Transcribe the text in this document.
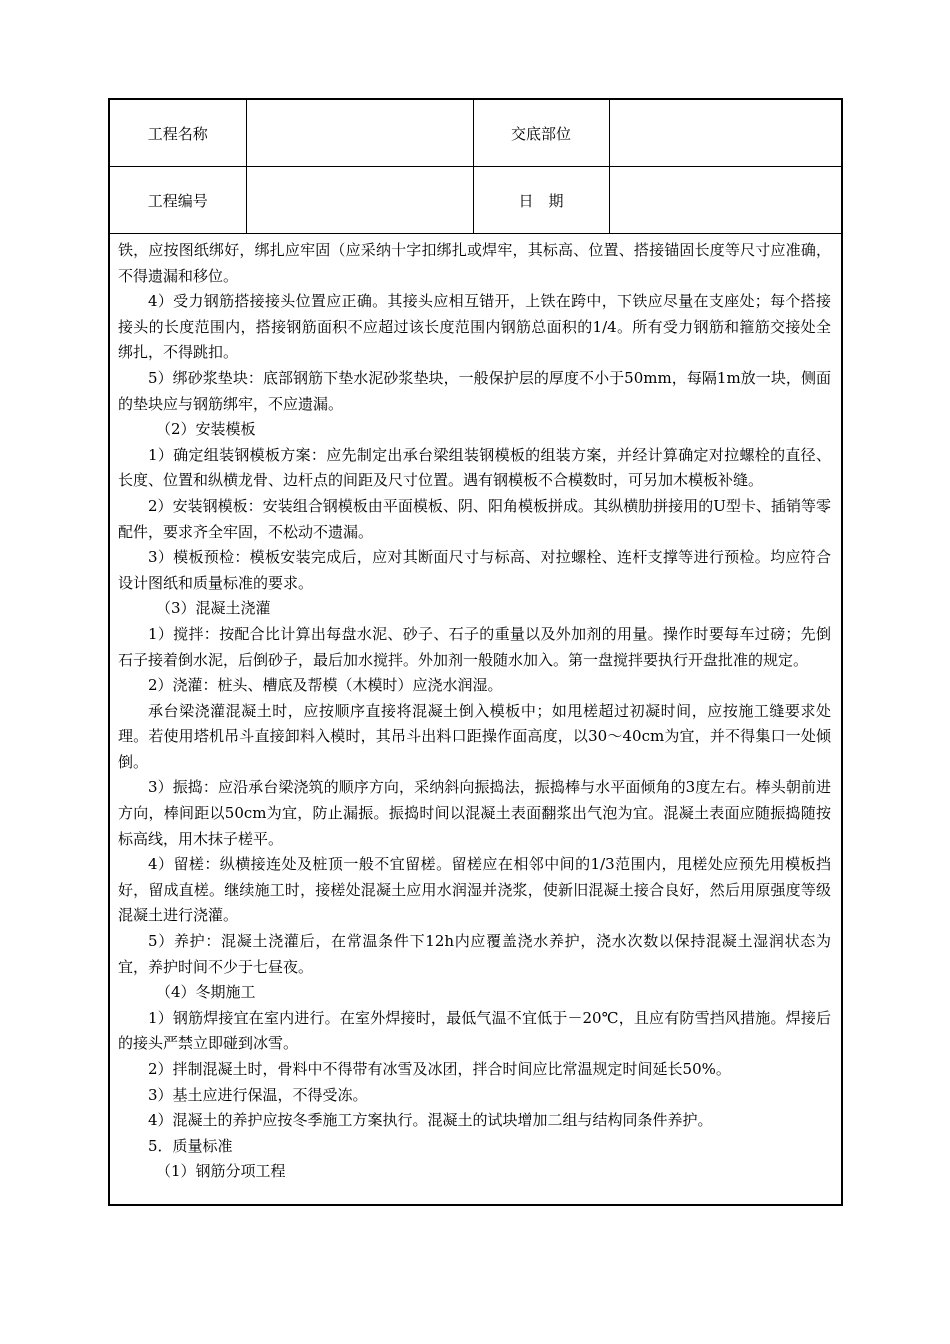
工程名称		交底部位	
工程编号		日　期	

铁，应按图纸绑好，绑扎应牢固（应采纳十字扣绑扎或焊牢，其标高、位置、搭接锚固长度等尺寸应准确，不得遗漏和移位。

4）受力钢筋搭接接头位置应正确。其接头应相互错开，上铁在跨中，下铁应尽量在支座处；每个搭接接头的长度范围内，搭接钢筋面积不应超过该长度范围内钢筋总面积的1/4。所有受力钢筋和箍筋交接处全绑扎，不得跳扣。

5）绑砂浆垫块：底部钢筋下垫水泥砂浆垫块，一般保护层的厚度不小于50mm，每隔1m放一块，侧面的垫块应与钢筋绑牢，不应遗漏。

（2）安装模板

1）确定组装钢模板方案：应先制定出承台梁组装钢模板的组装方案，并经计算确定对拉螺栓的直径、长度、位置和纵横龙骨、边杆点的间距及尺寸位置。遇有钢模板不合模数时，可另加木模板补缝。

2）安装钢模板：安装组合钢模板由平面模板、阴、阳角模板拼成。其纵横肋拼接用的U型卡、插销等零配件，要求齐全牢固，不松动不遗漏。

3）模板预检：模板安装完成后，应对其断面尺寸与标高、对拉螺栓、连杆支撑等进行预检。均应符合设计图纸和质量标准的要求。

（3）混凝土浇灌

1）搅拌：按配合比计算出每盘水泥、砂子、石子的重量以及外加剂的用量。操作时要每车过磅；先倒石子接着倒水泥，后倒砂子，最后加水搅拌。外加剂一般随水加入。第一盘搅拌要执行开盘批准的规定。

2）浇灌：桩头、槽底及帮模（木模时）应浇水润湿。

承台梁浇灌混凝土时，应按顺序直接将混凝土倒入模板中；如甩槎超过初凝时间，应按施工缝要求处理。若使用塔机吊斗直接卸料入模时，其吊斗出料口距操作面高度，以30～40cm为宜，并不得集口一处倾倒。

3）振捣：应沿承台梁浇筑的顺序方向，采纳斜向振捣法，振捣棒与水平面倾角的3度左右。棒头朝前进方向，棒间距以50cm为宜，防止漏振。振捣时间以混凝土表面翻浆出气泡为宜。混凝土表面应随振捣随按标高线，用木抹子槎平。

4）留槎：纵横接连处及桩顶一般不宜留槎。留槎应在相邻中间的1/3范围内，甩槎处应预先用模板挡好，留成直槎。继续施工时，接槎处混凝土应用水润湿并浇浆，使新旧混凝土接合良好，然后用原强度等级混凝土进行浇灌。

5）养护：混凝土浇灌后，在常温条件下12h内应覆盖浇水养护，浇水次数以保持混凝土湿润状态为宜，养护时间不少于七昼夜。

（4）冬期施工

1）钢筋焊接宜在室内进行。在室外焊接时，最低气温不宜低于－20℃，且应有防雪挡风措施。焊接后的接头严禁立即碰到冰雪。

2）拌制混凝土时，骨料中不得带有冰雪及冰团，拌合时间应比常温规定时间延长50%。

3）基土应进行保温，不得受冻。

4）混凝土的养护应按冬季施工方案执行。混凝土的试块增加二组与结构同条件养护。

5．质量标准

（1）钢筋分项工程
